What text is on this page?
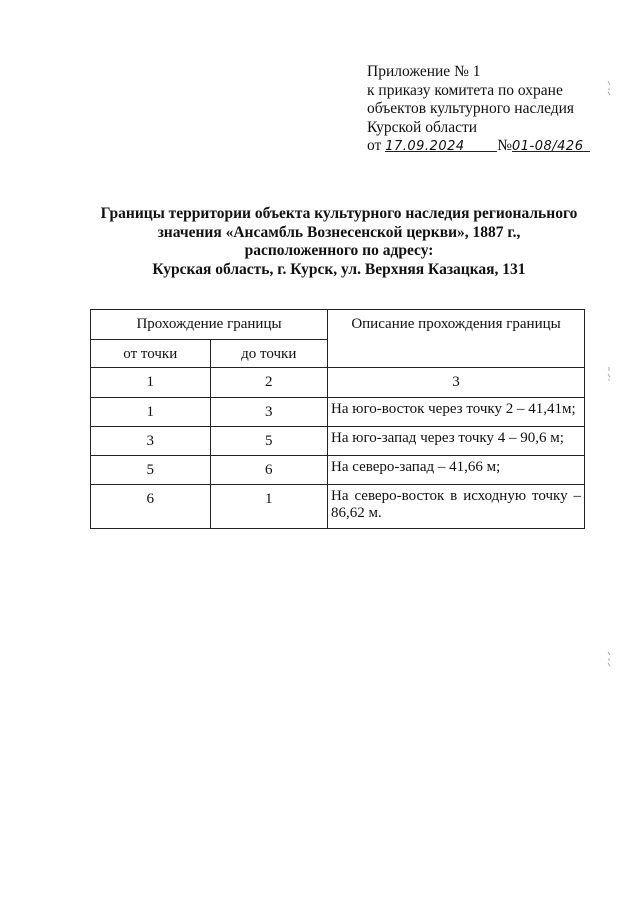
Приложение № 1
к приказу комитета по охране
объектов культурного наследия
Курской области
от 17.09.2024 №01-08/426
Границы территории объекта культурного наследия регионального
значения «Ансамбль Вознесенской церкви», 1887 г.,
расположенного по адресу:
Курская область, г. Курск, ул. Верхняя Казацкая, 131
Прохождение границы		Описание прохождения границы
от точки	до точки	
1	2	3
1	3	На юго-восток через точку 2 – 41,41м;
3	5	На юго-запад через точку 4 – 90,6 м;
5	6	На северо-запад – 41,66 м;
6	1	На северо-восток в исходную точку – 86,62 м.
